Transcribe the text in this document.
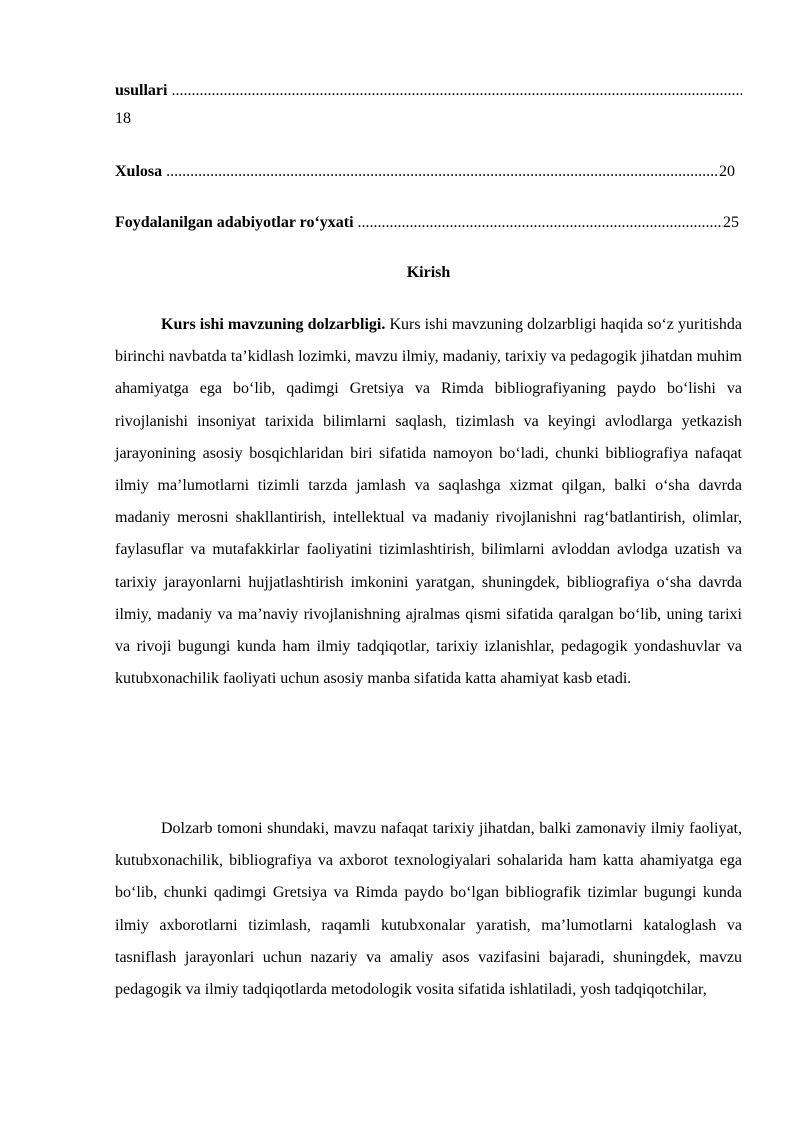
usullari
.....
18
Xulosa .....	20
Foydalanilgan adabiyotlar ro‘yxati .....	25
Kirish

Kurs ishi mavzuning dolzarbligi. Kurs ishi mavzuning dolzarbligi haqida so‘z yuritishda birinchi navbatda ta’kidlash lozimki, mavzu ilmiy, madaniy, tarixiy va pedagogik jihatdan muhim ahamiyatga ega bo‘lib, qadimgi Gretsiya va Rimda bibliografiyaning paydo bo‘lishi va rivojlanishi insoniyat tarixida bilimlarni saqlash, tizimlash va keyingi avlodlarga yetkazish jarayonining asosiy bosqichlaridan biri sifatida namoyon bo‘ladi, chunki bibliografiya nafaqat ilmiy ma’lumotlarni tizimli tarzda jamlash va saqlashga xizmat qilgan, balki o‘sha davrda madaniy merosni shakllantirish, intellektual va madaniy rivojlanishni rag‘batlantirish, olimlar, faylasuflar va mutafakkirlar faoliyatini tizimlashtirish, bilimlarni avloddan avlodga uzatish va tarixiy jarayonlarni hujjatlashtirish imkonini yaratgan, shuningdek, bibliografiya o‘sha davrda ilmiy, madaniy va ma’naviy rivojlanishning ajralmas qismi sifatida qaralgan bo‘lib, uning tarixi va rivoji bugungi kunda ham ilmiy tadqiqotlar, tarixiy izlanishlar, pedagogik yondashuvlar va kutubxonachilik faoliyati uchun asosiy manba sifatida katta ahamiyat kasb etadi.

Dolzarb tomoni shundaki, mavzu nafaqat tarixiy jihatdan, balki zamonaviy ilmiy faoliyat, kutubxonachilik, bibliografiya va axborot texnologiyalari sohalarida ham katta ahamiyatga ega bo‘lib, chunki qadimgi Gretsiya va Rimda paydo bo‘lgan bibliografik tizimlar bugungi kunda ilmiy axborotlarni tizimlash, raqamli kutubxonalar yaratish, ma’lumotlarni kataloglash va tasniflash jarayonlari uchun nazariy va amaliy asos vazifasini bajaradi, shuningdek, mavzu pedagogik va ilmiy tadqiqotlarda metodologik vosita sifatida ishlatiladi, yosh tadqiqotchilar,
